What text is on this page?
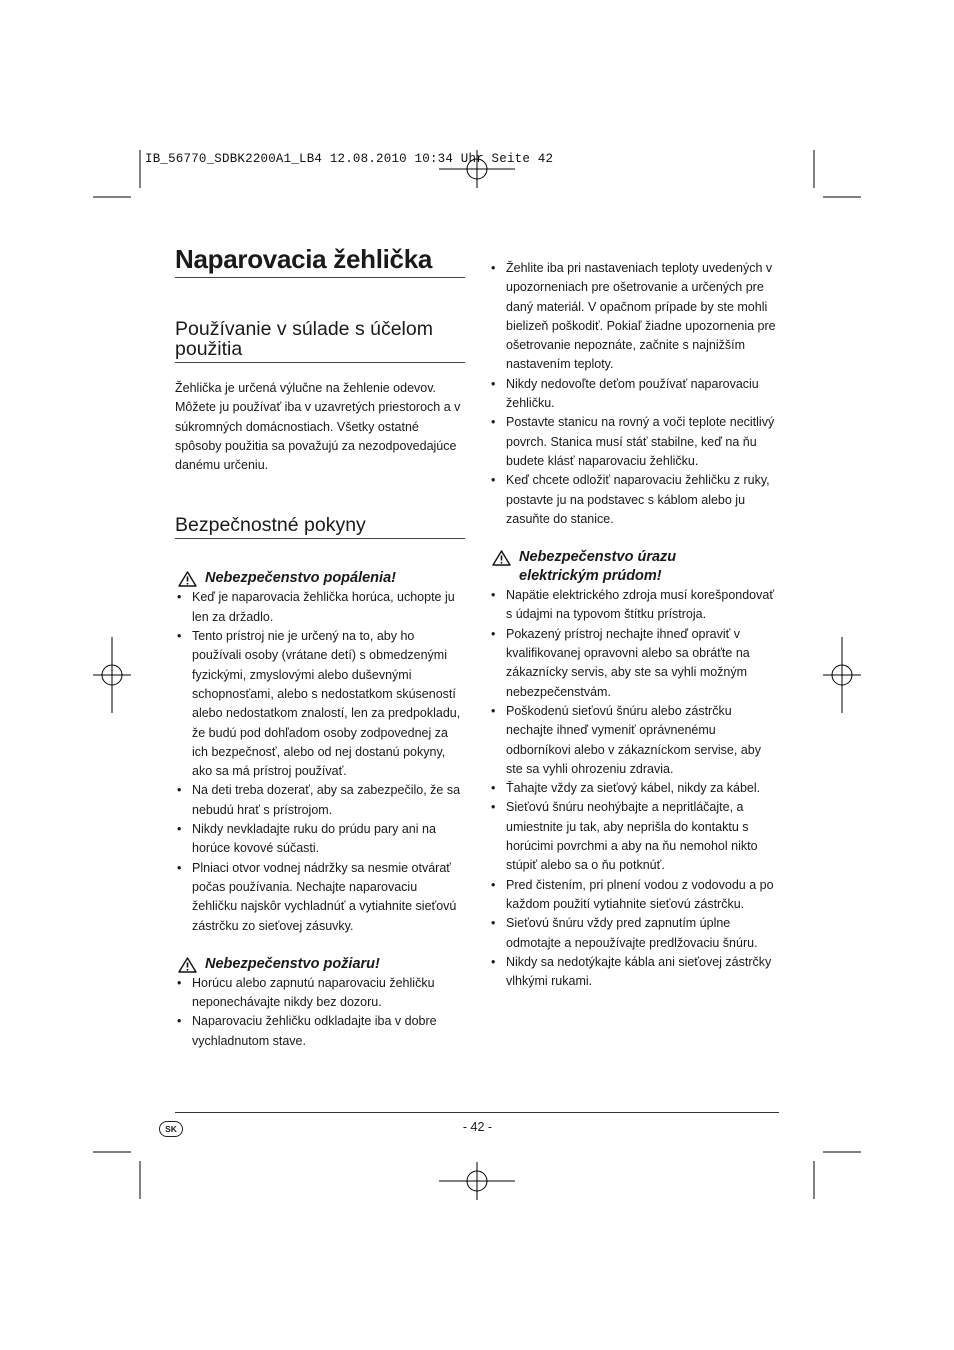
IB_56770_SDBK2200A1_LB4 12.08.2010 10:34 Uhr Seite 42
Naparovacia žehlička
Používanie v súlade s účelom použitia

Žehlička je určená výlučne na žehlenie odevov. Môžete ju používať iba v uzavretých priestoroch a v súkromných domácnostiach. Všetky ostatné spôsoby použitia sa považujú za nezodpovedajúce danému určeniu.

Bezpečnostné pokyny
Nebezpečenstvo popálenia!
• Keď je naparovacia žehlička horúca, uchopte ju len za držadlo.
• Tento prístroj nie je určený na to, aby ho používali osoby (vrátane detí) s obmedzenými fyzickými, zmyslovými alebo duševnými schopnosťami, alebo s nedostatkom skúseností alebo nedostatkom znalostí, len za predpokladu, že budú pod dohľadom osoby zodpovednej za ich bezpečnosť, alebo od nej dostanú pokyny, ako sa má prístroj používať.
• Na deti treba dozerať, aby sa zabezpečilo, že sa nebudú hrať s prístrojom.
• Nikdy nevkladajte ruku do prúdu pary ani na horúce kovové súčasti.
• Plniaci otvor vodnej nádržky sa nesmie otvárať počas používania. Nechajte naparovaciu žehličku najskôr vychladnúť a vytiahnite sieťovú zástrčku zo sieťovej zásuvky.
Nebezpečenstvo požiaru!
• Horúcu alebo zapnutú naparovaciu žehličku neponechávajte nikdy bez dozoru.
• Naparovaciu žehličku odkladajte iba v dobre vychladnutom stave.
• Žehlite iba pri nastaveniach teploty uvedených v upozorneniach pre ošetrovanie a určených pre daný materiál. V opačnom prípade by ste mohli bielizeň poškodiť. Pokiaľ žiadne upozornenia pre ošetrovanie nepoznáte, začnite s najnižším nastavením teploty.
• Nikdy nedovoľte deťom používať naparovaciu žehličku.
• Postavte stanicu na rovný a voči teplote necitlivý povrch. Stanica musí stáť stabilne, keď na ňu budete klásť naparovaciu žehličku.
• Keď chcete odložiť naparovaciu žehličku z ruky, postavte ju na podstavec s káblom alebo ju zasuňte do stanice.
Nebezpečenstvo úrazu
elektrickým prúdom!
• Napätie elektrického zdroja musí korešpondovať s údajmi na typovom štítku prístroja.
• Pokazený prístroj nechajte ihneď opraviť v kvalifikovanej opravovni alebo sa obráťte na zákaznícky servis, aby ste sa vyhli možným nebezpečenstvám.
• Poškodenú sieťovú šnúru alebo zástrčku nechajte ihneď vymeniť oprávnenému odborníkovi alebo v zákazníckom servise, aby ste sa vyhli ohrozeniu zdravia.
• Ťahajte vždy za sieťový kábel, nikdy za kábel.
• Sieťovú šnúru neohýbajte a nepritláčajte, a umiestnite ju tak, aby neprišla do kontaktu s horúcimi povrchmi a aby na ňu nemohol nikto stúpiť alebo sa o ňu potknúť.
• Pred čistením, pri plnení vodou z vodovodu a po každom použití vytiahnite sieťovú zástrčku.
• Sieťovú šnúru vždy pred zapnutím úplne odmotajte a nepoužívajte predlžovaciu šnúru.
• Nikdy sa nedotýkajte kábla ani sieťovej zástrčky vlhkými rukami.
SK	- 42 -
